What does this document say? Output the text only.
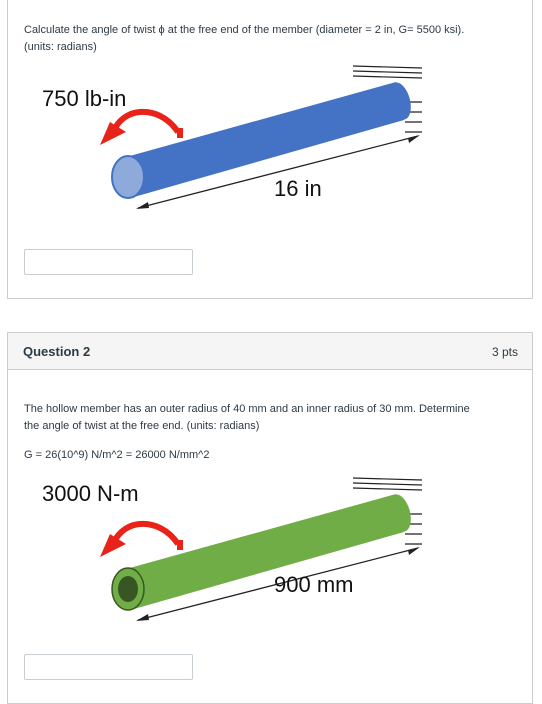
Calculate the angle of twist ϕ at the free end of the member (diameter = 2 in, G= 5500 ksi).
(units: radians)
750 lb-in
16 in
Question 2	3 pts
The hollow member has an outer radius of 40 mm and an inner radius of 30 mm. Determine
the angle of twist at the free end. (units: radians)
G = 26(10^9) N/m^2 = 26000 N/mm^2
3000 N-m
900 mm
